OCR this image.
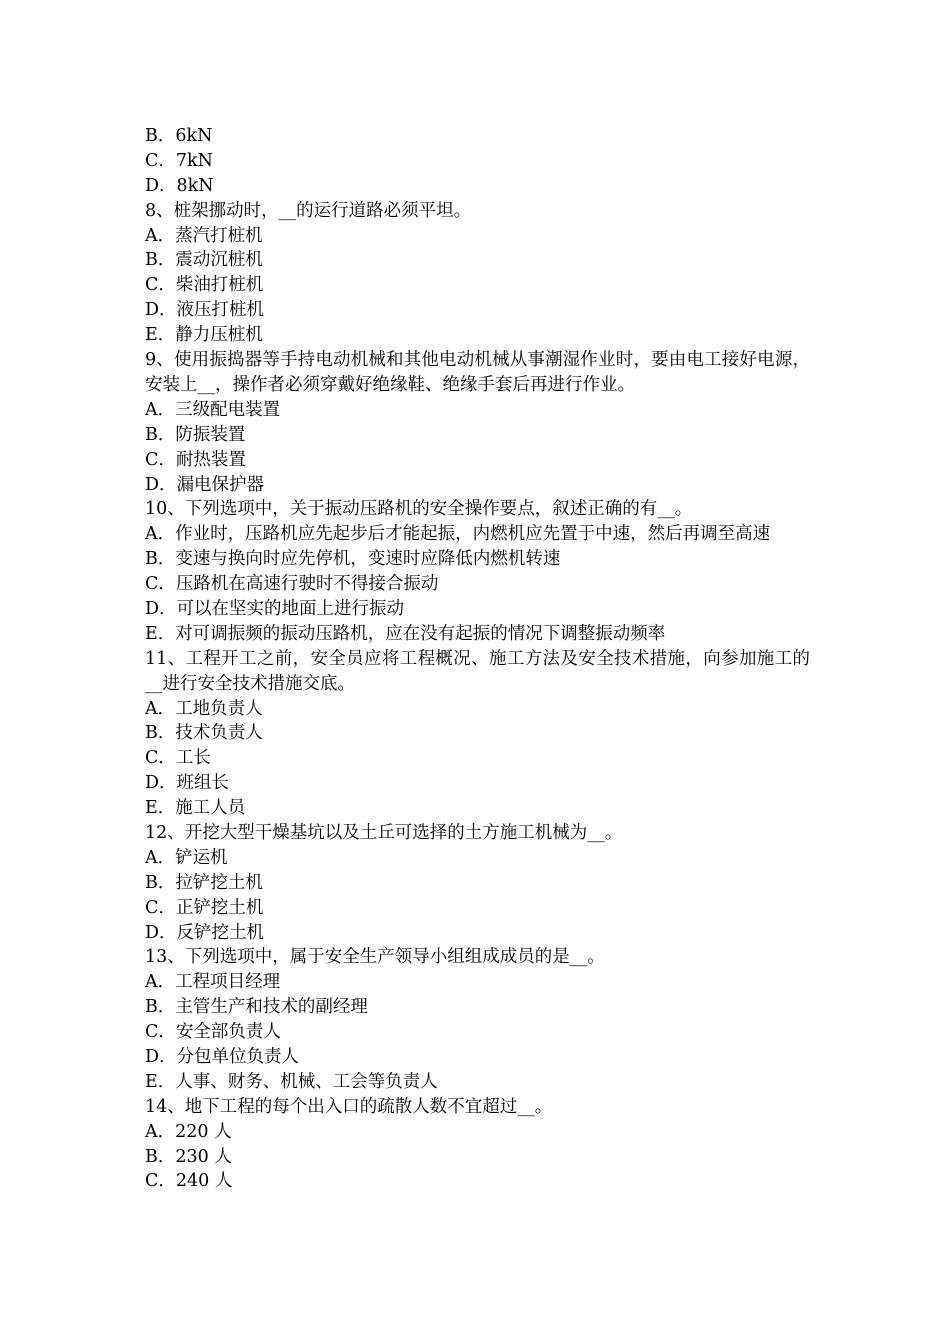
B．6kN
C．7kN
D．8kN
8、桩架挪动时，__的运行道路必须平坦。
A．蒸汽打桩机
B．震动沉桩机
C．柴油打桩机
D．液压打桩机
E．静力压桩机
9、使用振捣器等手持电动机械和其他电动机械从事潮湿作业时，要由电工接好电源，安装上__，操作者必须穿戴好绝缘鞋、绝缘手套后再进行作业。
A．三级配电装置
B．防振装置
C．耐热装置
D．漏电保护器
10、下列选项中，关于振动压路机的安全操作要点，叙述正确的有__。
A．作业时，压路机应先起步后才能起振，内燃机应先置于中速，然后再调至高速
B．变速与换向时应先停机，变速时应降低内燃机转速
C．压路机在高速行驶时不得接合振动
D．可以在坚实的地面上进行振动
E．对可调振频的振动压路机，应在没有起振的情况下调整振动频率
11、工程开工之前，安全员应将工程概况、施工方法及安全技术措施，向参加施工的__进行安全技术措施交底。
A．工地负责人
B．技术负责人
C．工长
D．班组长
E．施工人员
12、开挖大型干燥基坑以及土丘可选择的土方施工机械为__。
A．铲运机
B．拉铲挖土机
C．正铲挖土机
D．反铲挖土机
13、下列选项中，属于安全生产领导小组组成成员的是__。
A．工程项目经理
B．主管生产和技术的副经理
C．安全部负责人
D．分包单位负责人
E．人事、财务、机械、工会等负责人
14、地下工程的每个出入口的疏散人数不宜超过__。
A．220 人
B．230 人
C．240 人
